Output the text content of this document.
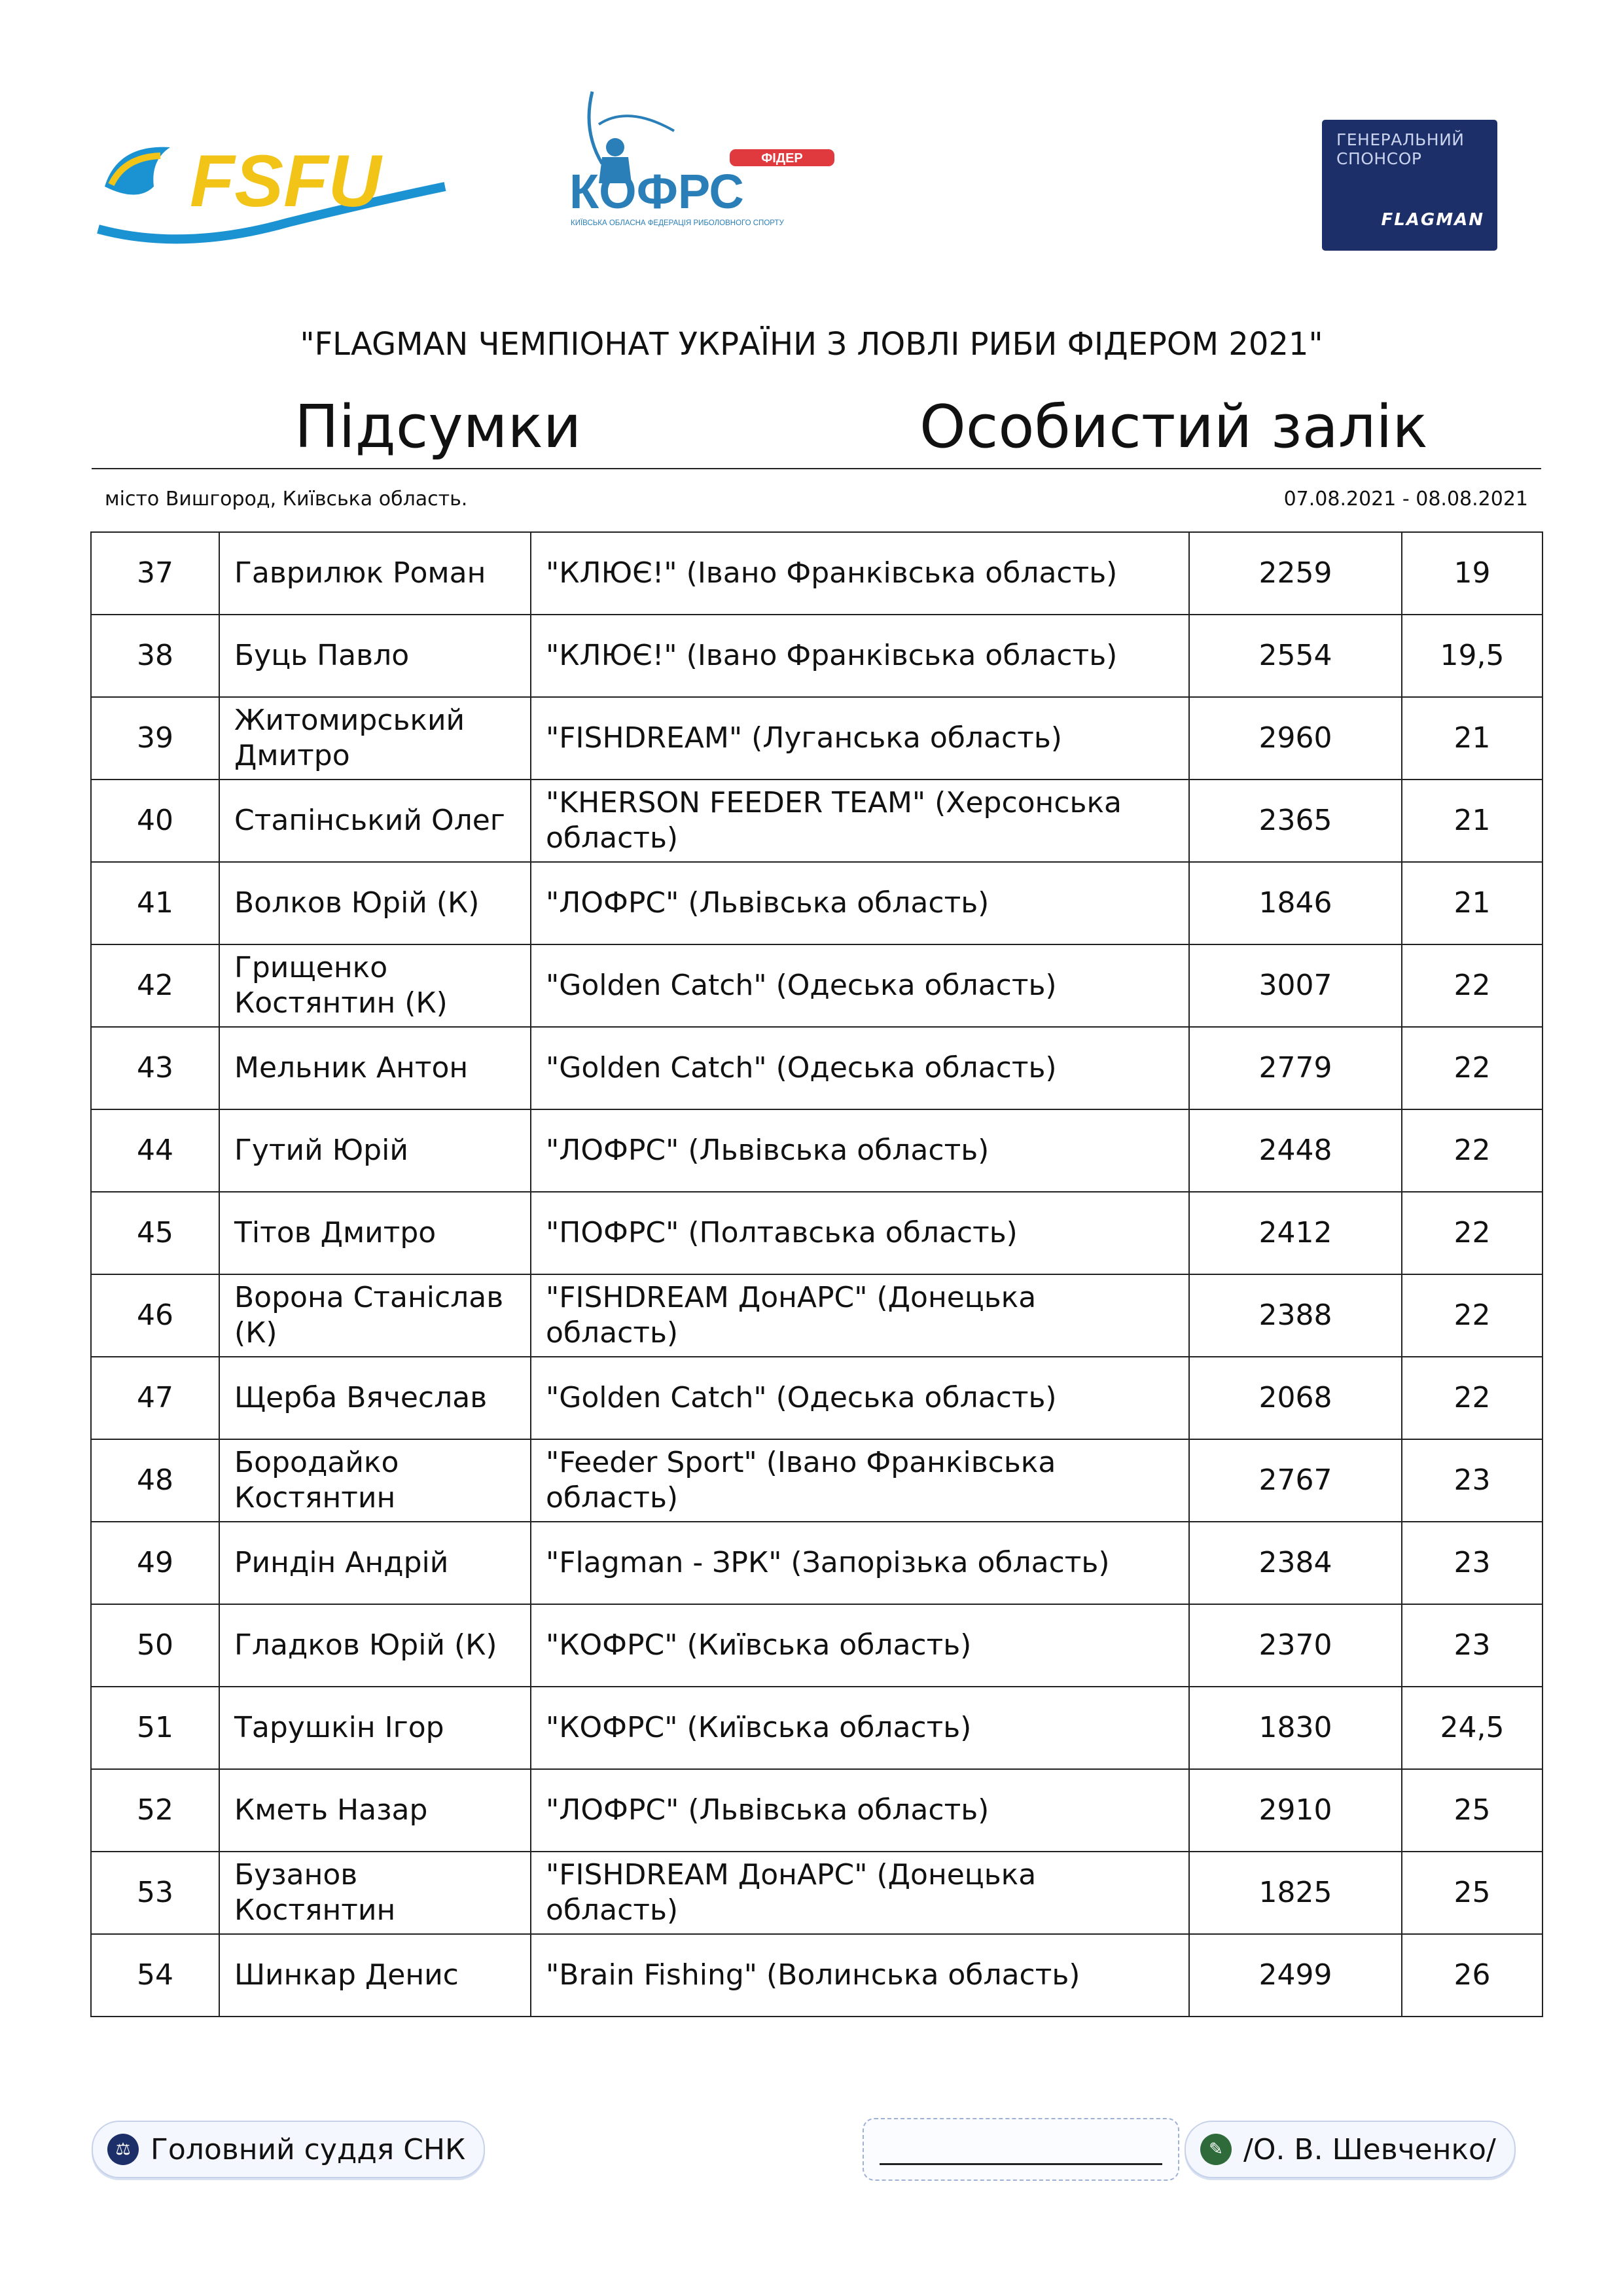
FSFU	ФІДЕР
КОФРС
КИЇВСЬКА ОБЛАСНА ФЕДЕРАЦІЯ РИБОЛОВНОГО СПОРТУ
ГЕНЕРАЛЬНИЙ
СПОНСОР
FLAGMAN
"FLAGMAN ЧЕМПІОНАТ УКРАЇНИ З ЛОВЛІ РИБИ ФІДЕРОМ 2021"
Підсумки	Особистий залік
місто Вишгород, Київська область.	07.08.2021 - 08.08.2021
37	Гаврилюк Роман	"КЛЮЄ!" (Івано Франківська область)	2259	19
38	Буць Павло	"КЛЮЄ!" (Івано Франківська область)	2554	19,5
39	Житомирський Дмитро	"FISHDREAM" (Луганська область)	2960	21
40	Стапінський Олег	"KHERSON FEEDER TEAM" (Херсонська область)	2365	21
41	Волков Юрій (К)	"ЛОФРС" (Львівська область)	1846	21
42	Грищенко Костянтин (К)	"Golden Catch" (Одеська область)	3007	22
43	Мельник Антон	"Golden Catch" (Одеська область)	2779	22
44	Гутий Юрій	"ЛОФРС" (Львівська область)	2448	22
45	Тітов Дмитро	"ПОФРС" (Полтавська область)	2412	22
46	Ворона Станіслав (К)	"FISHDREAM ДонАРС" (Донецька область)	2388	22
47	Щерба Вячеслав	"Golden Catch" (Одеська область)	2068	22
48	Бородайко Костянтин	"Feeder Sport" (Івано Франківська область)	2767	23
49	Риндін Андрій	"Flagman - ЗРК" (Запорізька область)	2384	23
50	Гладков Юрій (К)	"КОФРС" (Київська область)	2370	23
51	Тарушкін Ігор	"КОФРС" (Київська область)	1830	24,5
52	Кметь Назар	"ЛОФРС" (Львівська область)	2910	25
53	Бузанов Костянтин	"FISHDREAM ДонАРС" (Донецька область)	1825	25
54	Шинкар Денис	"Brain Fishing" (Волинська область)	2499	26
⚖ Головний суддя СНК	✎ /О. В. Шевченко/
